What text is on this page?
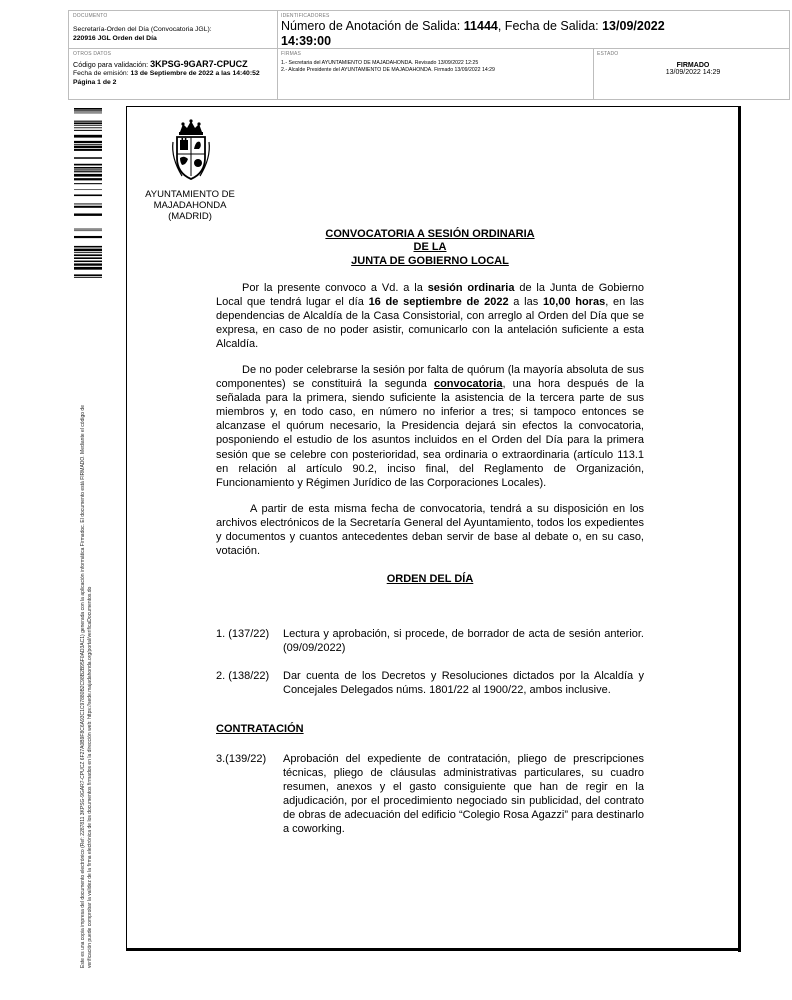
DOCUMENTO
Secretaría-Orden del Día (Convocatoria JGL):
220916 JGL Orden del Día
IDENTIFICADORES
Número de Anotación de Salida: 11444, Fecha de Salida: 13/09/2022
14:39:00
OTROS DATOS
Código para validación: 3KPSG-9GAR7-CPUCZ
Fecha de emisión: 13 de Septiembre de 2022 a las 14:40:52
Página 1 de 2
FIRMAS
1.- Secretaria del AYUNTAMIENTO DE MAJADAHONDA. Revisado 13/09/2022 12:25
2.- Alcalde Presidente del AYUNTAMIENTO DE MAJADAHONDA. Firmado 13/09/2022 14:29
ESTADO
FIRMADO
13/09/2022 14:29
Este es una copia impresa del documento electrónico (Ref: 2287811 3KPSG-9GAR7-CPUCZ 6F27A0B9F8C6A93C1C97880B2C98B2B95F0AD3AC1) generada con la aplicación informática Firmadoc. El documento está FIRMADO. Mediante el código de verificación puede comprobar la validez de la firma electrónica de los documentos firmados en la dirección web: https://sede.majadahonda.org/portal/verificaDocumentos.do
AYUNTAMIENTO DE
MAJADAHONDA
(MADRID)
CONVOCATORIA A SESIÓN ORDINARIA
DE LA
JUNTA DE GOBIERNO LOCAL
Por la presente convoco a Vd. a la sesión ordinaria de la Junta de Gobierno Local que tendrá lugar el día 16 de septiembre de 2022 a las 10,00 horas, en las dependencias de Alcaldía de la Casa Consistorial, con arreglo al Orden del Día que se expresa, en caso de no poder asistir, comunicarlo con la antelación suficiente a esta Alcaldía.
De no poder celebrarse la sesión por falta de quórum (la mayoría absoluta de sus componentes) se constituirá la segunda convocatoria, una hora después de la señalada para la primera, siendo suficiente la asistencia de la tercera parte de sus miembros y, en todo caso, en número no inferior a tres; si tampoco entonces se alcanzase el quórum necesario, la Presidencia dejará sin efectos la convocatoria, posponiendo el estudio de los asuntos incluidos en el Orden del Día para la primera sesión que se celebre con posterioridad, sea ordinaria o extraordinaria (artículo 113.1 en relación al artículo 90.2, inciso final, del Reglamento de Organización, Funcionamiento y Régimen Jurídico de las Corporaciones Locales).
A partir de esta misma fecha de convocatoria, tendrá a su disposición en los archivos electrónicos de la Secretaría General del Ayuntamiento, todos los expedientes y documentos y cuantos antecedentes deban servir de base al debate o, en su caso, votación.
ORDEN DEL DÍA
1. (137/22) Lectura y aprobación, si procede, de borrador de acta de sesión anterior. (09/09/2022)
2. (138/22) Dar cuenta de los Decretos y Resoluciones dictados por la Alcaldía y Concejales Delegados núms. 1801/22 al 1900/22, ambos inclusive.
CONTRATACIÓN
3.(139/22) Aprobación del expediente de contratación, pliego de prescripciones técnicas, pliego de cláusulas administrativas particulares, su cuadro resumen, anexos y el gasto consiguiente que han de regir en la adjudicación, por el procedimiento negociado sin publicidad, del contrato de obras de adecuación del edificio “Colegio Rosa Agazzi” para destinarlo a coworking.
